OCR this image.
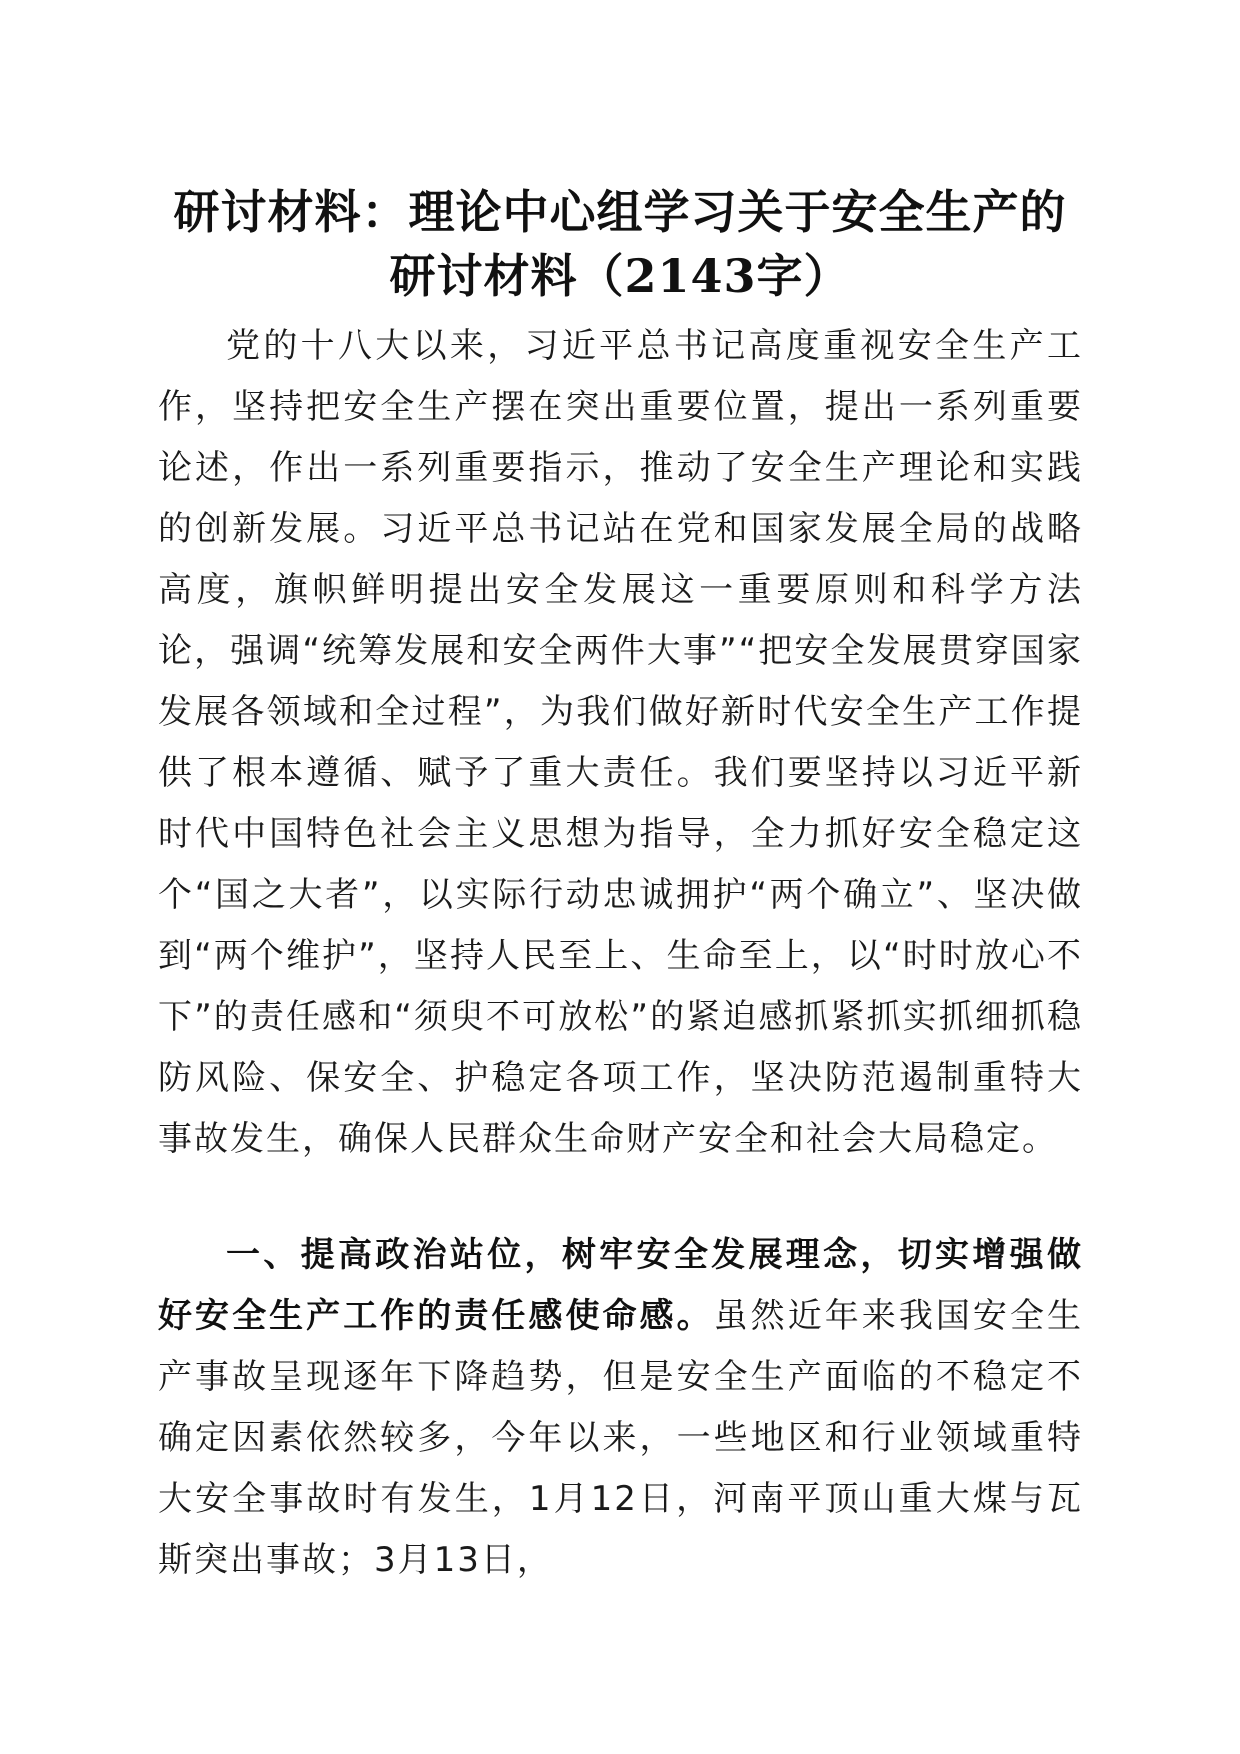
研讨材料：理论中心组学习关于安全生产的研讨材料（2143字）

党的十八大以来，习近平总书记高度重视安全生产工作，坚持把安全生产摆在突出重要位置，提出一系列重要论述，作出一系列重要指示，推动了安全生产理论和实践的创新发展。习近平总书记站在党和国家发展全局的战略高度，旗帜鲜明提出安全发展这一重要原则和科学方法论，强调“统筹发展和安全两件大事”“把安全发展贯穿国家发展各领域和全过程”，为我们做好新时代安全生产工作提供了根本遵循、赋予了重大责任。我们要坚持以习近平新时代中国特色社会主义思想为指导，全力抓好安全稳定这个“国之大者”，以实际行动忠诚拥护“两个确立”、坚决做到“两个维护”，坚持人民至上、生命至上，以“时时放心不下”的责任感和“须臾不可放松”的紧迫感抓紧抓实抓细抓稳防风险、保安全、护稳定各项工作，坚决防范遏制重特大事故发生，确保人民群众生命财产安全和社会大局稳定。

一、提高政治站位，树牢安全发展理念，切实增强做好安全生产工作的责任感使命感。虽然近年来我国安全生产事故呈现逐年下降趋势，但是安全生产面临的不稳定不确定因素依然较多，今年以来，一些地区和行业领域重特大安全事故时有发生，1月12日，河南平顶山重大煤与瓦斯突出事故；3月13日，
